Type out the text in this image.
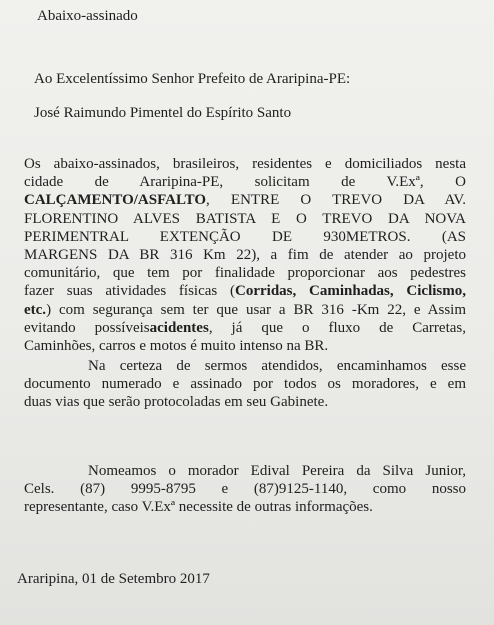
Abaixo-assinado

Ao Excelentíssimo Senhor Prefeito de Araripina-PE:

José Raimundo Pimentel do Espírito Santo

Os abaixo-assinados, brasileiros, residentes e domiciliados nesta
cidade de Araripina-PE, solicitam de V.Exª, O
CALÇAMENTO/ASFALTO, ENTRE O TREVO DA AV.
FLORENTINO ALVES BATISTA E O TREVO DA NOVA
PERIMENTRAL EXTENÇÃO DE 930METROS. (AS
MARGENS DA BR 316 Km 22), a fim de atender ao projeto
comunitário, que tem por finalidade proporcionar aos pedestres
fazer suas atividades físicas (Corridas, Caminhadas, Ciclismo,
etc.) com segurança sem ter que usar a BR 316 -Km 22, e Assim
evitando possíveisacidentes, já que o fluxo de Carretas,
Caminhões, carros e motos é muito intenso na BR.
Na certeza de sermos atendidos, encaminhamos esse
documento numerado e assinado por todos os moradores, e em
duas vias que serão protocoladas em seu Gabinete.
Nomeamos o morador Edival Pereira da Silva Junior,
Cels. (87) 9995-8795 e (87)9125-1140, como nosso
representante, caso V.Exª necessite de outras informações.

Araripina, 01 de Setembro 2017
